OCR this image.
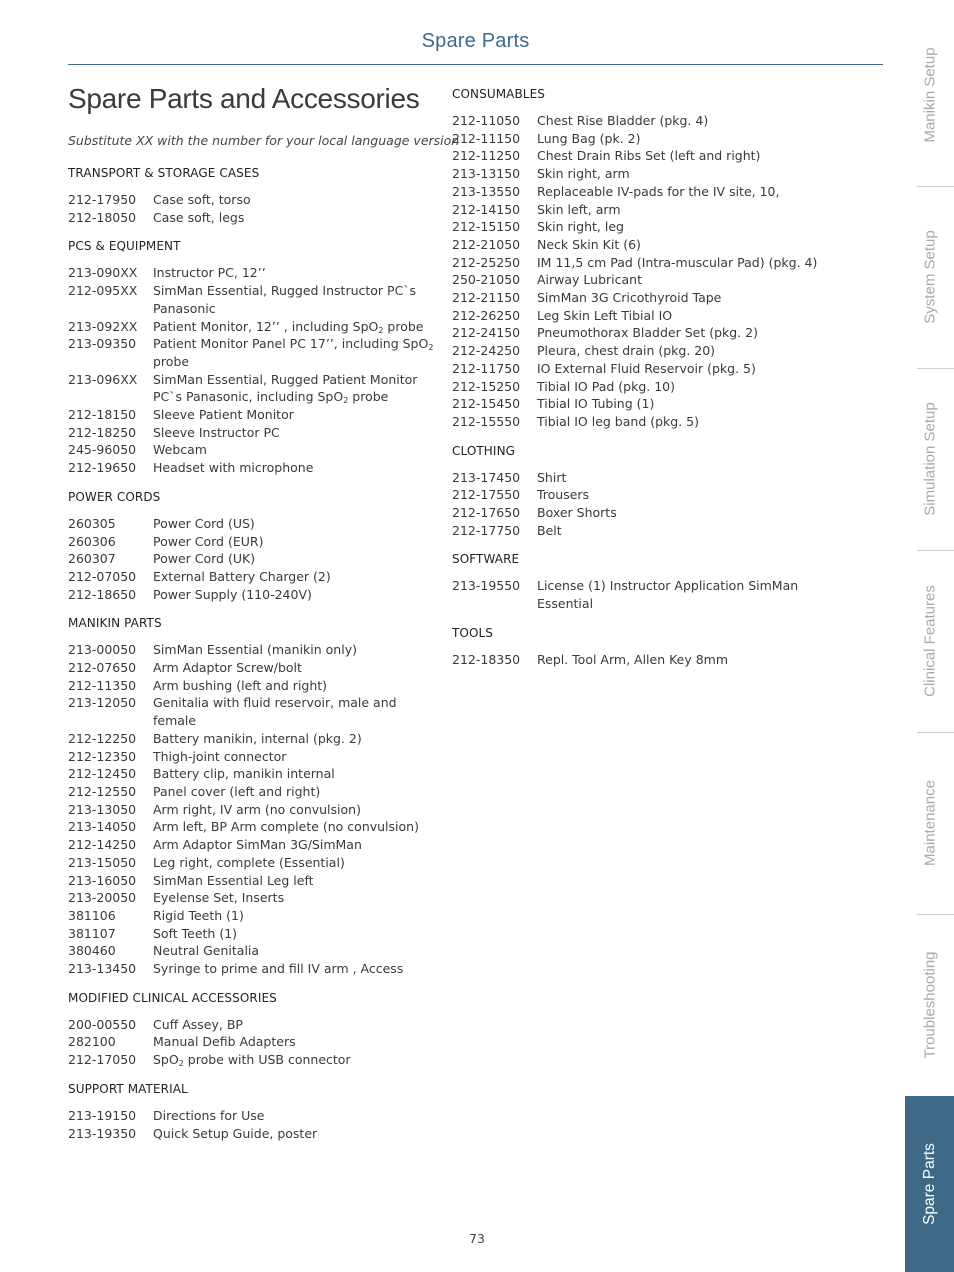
Spare Parts
Spare Parts and Accessories

Substitute XX with the number for your local language version

TRANSPORT & STORAGE CASES
212-17950	Case soft, torso
212-18050	Case soft, legs
PCS & EQUIPMENT
213-090XX	Instructor PC, 12’’
212-095XX	SimMan Essential, Rugged Instructor PC`s Panasonic
213-092XX	Patient Monitor, 12’’ , including SpO$_2$ probe
213-09350	Patient Monitor Panel PC 17’’, including SpO$_2$ probe
213-096XX	SimMan Essential, Rugged Patient Monitor PC`s Panasonic, including SpO$_2$ probe
212-18150	Sleeve Patient Monitor
212-18250	Sleeve Instructor PC
245-96050	Webcam
212-19650	Headset with microphone
POWER CORDS
260305	Power Cord (US)
260306	Power Cord (EUR)
260307	Power Cord (UK)
212-07050	External Battery Charger (2)
212-18650	Power Supply (110-240V)
MANIKIN PARTS
213-00050	SimMan Essential (manikin only)
212-07650	Arm Adaptor Screw/bolt
212-11350	Arm bushing (left and right)
213-12050	Genitalia with fluid reservoir, male and female
212-12250	Battery manikin, internal (pkg. 2)
212-12350	Thigh-joint connector
212-12450	Battery clip, manikin internal
212-12550	Panel cover (left and right)
213-13050	Arm right, IV arm (no convulsion)
213-14050	Arm left, BP Arm complete (no convulsion)
212-14250	Arm Adaptor SimMan 3G/SimMan
213-15050	Leg right, complete (Essential)
213-16050	SimMan Essential Leg left
213-20050	Eyelense Set, Inserts
381106	Rigid Teeth (1)
381107	Soft Teeth (1)
380460	Neutral Genitalia
213-13450	Syringe to prime and fill IV arm , Access
MODIFIED CLINICAL ACCESSORIES
200-00550	Cuff Assey, BP
282100	Manual Defib Adapters
212-17050	SpO$_2$ probe with USB connector
SUPPORT MATERIAL
213-19150	Directions for Use
213-19350	Quick Setup Guide, poster
CONSUMABLES
212-11050	Chest Rise Bladder (pkg. 4)
212-11150	Lung Bag (pk. 2)
212-11250	Chest Drain Ribs Set (left and right)
213-13150	Skin right, arm
213-13550	Replaceable IV-pads for the IV site, 10,
212-14150	Skin left, arm
212-15150	Skin right, leg
212-21050	Neck Skin Kit (6)
212-25250	IM 11,5 cm Pad (Intra-muscular Pad) (pkg. 4)
250-21050	Airway Lubricant
212-21150	SimMan 3G Cricothyroid Tape
212-26250	Leg Skin Left Tibial IO
212-24150	Pneumothorax Bladder Set (pkg. 2)
212-24250	Pleura, chest drain (pkg. 20)
212-11750	IO External Fluid Reservoir (pkg. 5)
212-15250	Tibial IO Pad (pkg. 10)
212-15450	Tibial IO Tubing (1)
212-15550	Tibial IO leg band (pkg. 5)
CLOTHING
213-17450	Shirt
212-17550	Trousers
212-17650	Boxer Shorts
212-17750	Belt
SOFTWARE
213-19550	License (1) Instructor Application SimMan Essential
TOOLS
212-18350	Repl. Tool Arm, Allen Key 8mm
73
Manikin Setup
System Setup
Simulation Setup
Clinical Features
Maintenance
Troubleshooting
Spare Parts
